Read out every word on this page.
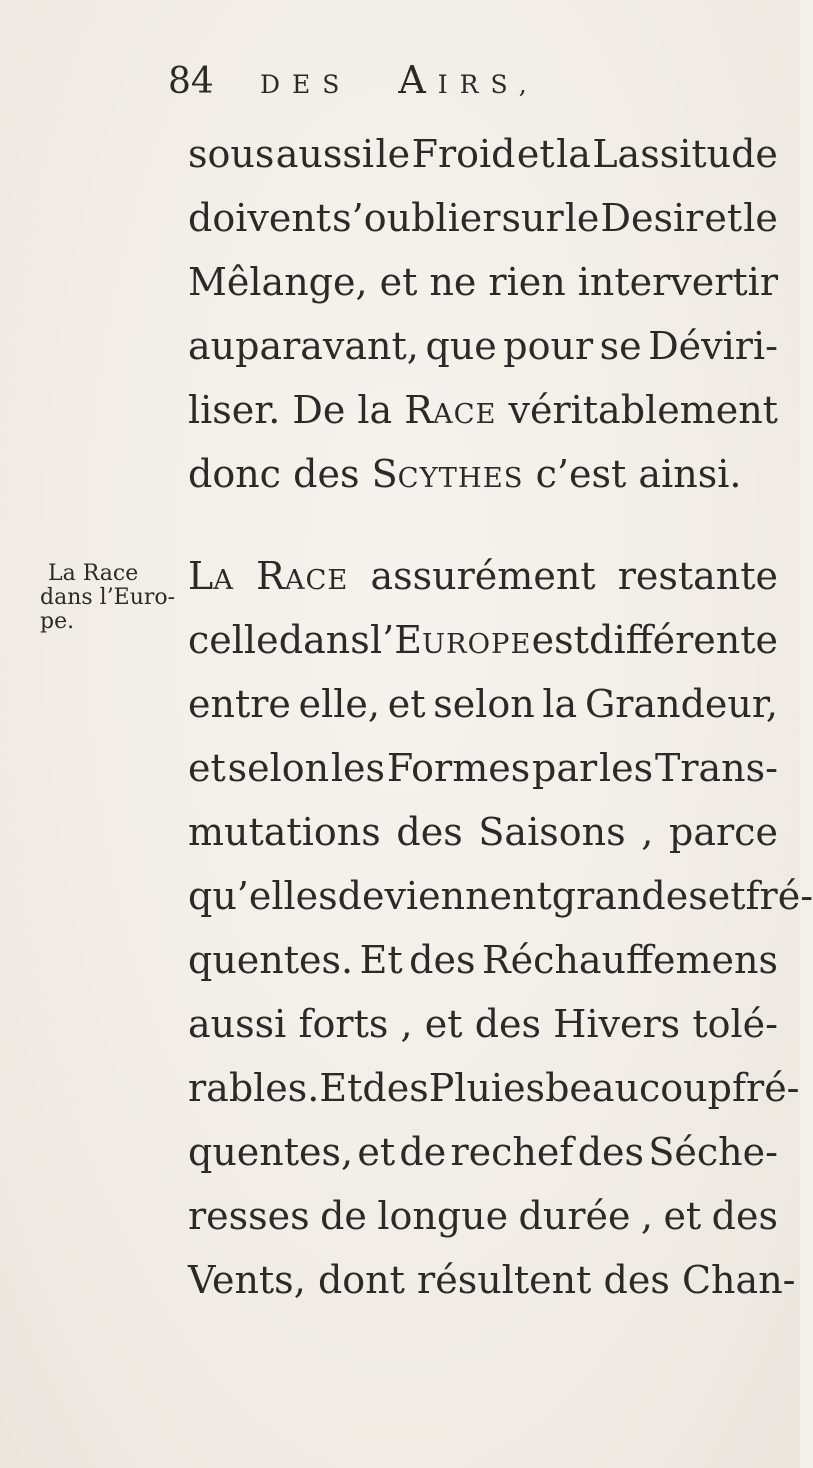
84 DES AIRS,
sous aussi le Froid et la Lassitude
doivent s’oublier sur le Desir et le
Mêlange, et ne rien intervertir
auparavant, que pour se Déviri-
liser. De la RACE véritablement
donc des SCYTHES c’est ainsi.
La Race
dans l’Euro-
pe.
LA RACE assurément restante
celle dans l’EUROPE est différente
entre elle, et selon la Grandeur,
et selon les Formes par les Trans-
mutations des Saisons , parce
qu’elles deviennent grandes et fré-
quentes. Et des Réchauffemens
aussi forts , et des Hivers tolé-
rables. Et des Pluies beaucoup fré-
quentes, et de rechef des Séche-
resses de longue durée , et des
Vents, dont résultent des Chan-
